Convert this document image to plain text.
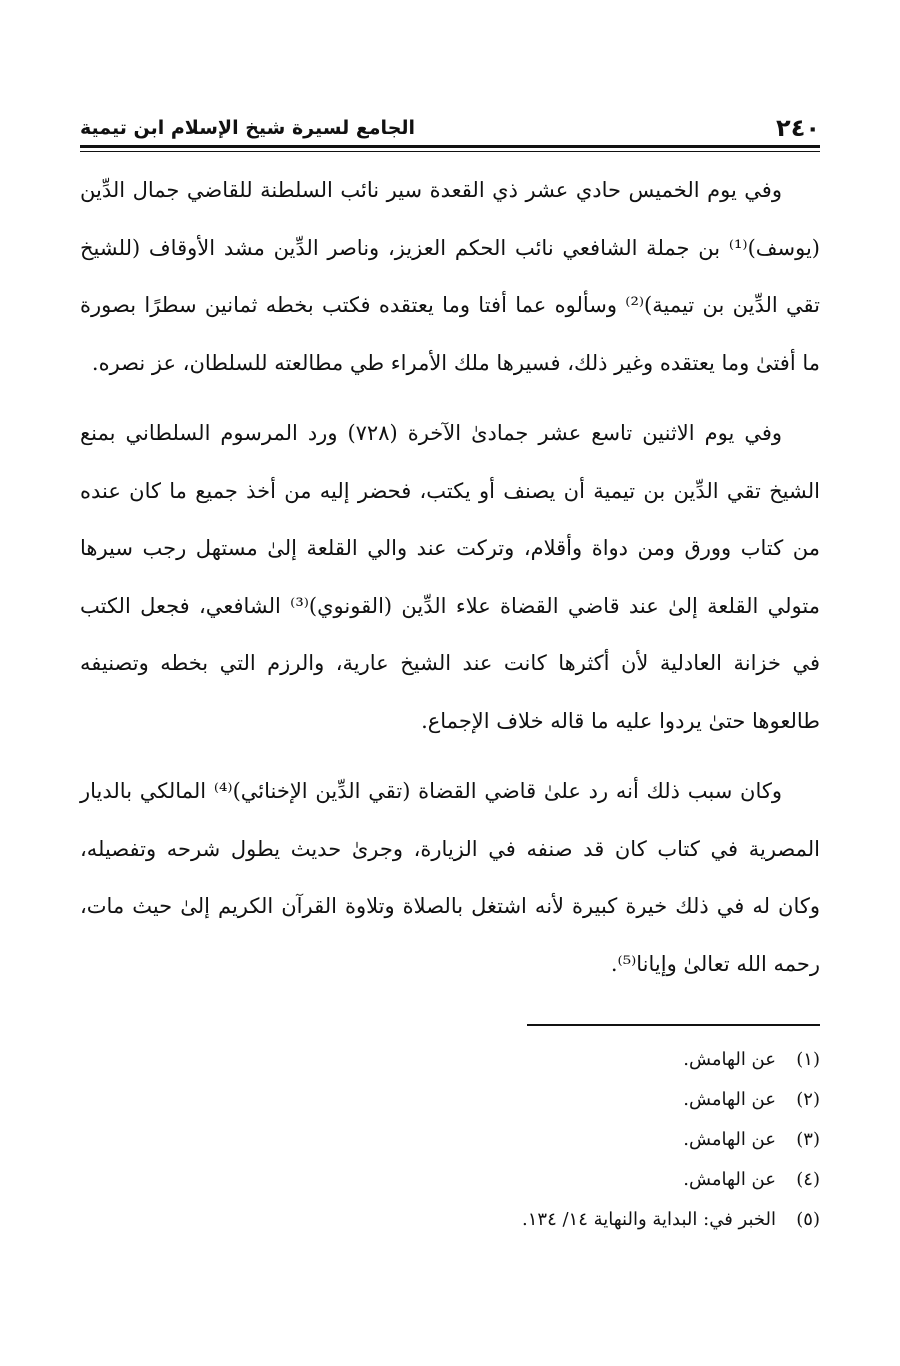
٢٤٠
الجامع لسيرة شيخ الإسلام ابن تيمية

وفي يوم الخميس حادي عشر ذي القعدة سير نائب السلطنة للقاضي جمال الدِّين (يوسف)⁽¹⁾ بن جملة الشافعي نائب الحكم العزيز، وناصر الدِّين مشد الأوقاف (للشيخ تقي الدِّين بن تيمية)⁽²⁾ وسألوه عما أفتا وما يعتقده فكتب بخطه ثمانين سطرًا بصورة ما أفتىٰ وما يعتقده وغير ذلك، فسيرها ملك الأمراء طي مطالعته للسلطان، عز نصره.

وفي يوم الاثنين تاسع عشر جمادىٰ الآخرة (٧٢٨) ورد المرسوم السلطاني بمنع الشيخ تقي الدِّين بن تيمية أن يصنف أو يكتب، فحضر إليه من أخذ جميع ما كان عنده من كتاب وورق ومن دواة وأقلام، وتركت عند والي القلعة إلىٰ مستهل رجب سيرها متولي القلعة إلىٰ عند قاضي القضاة علاء الدِّين (القونوي)⁽³⁾ الشافعي، فجعل الكتب في خزانة العادلية لأن أكثرها كانت عند الشيخ عارية، والرزم التي بخطه وتصنيفه طالعوها حتىٰ يردوا عليه ما قاله خلاف الإجماع.

وكان سبب ذلك أنه رد علىٰ قاضي القضاة (تقي الدِّين الإخنائي)⁽⁴⁾ المالكي بالديار المصرية في كتاب كان قد صنفه في الزيارة، وجرىٰ حديث يطول شرحه وتفصيله، وكان له في ذلك خيرة كبيرة لأنه اشتغل بالصلاة وتلاوة القرآن الكريم إلىٰ حيث مات، رحمه الله تعالىٰ وإيانا⁽⁵⁾.

(١)عن الهامش.
(٢)عن الهامش.
(٣)عن الهامش.
(٤)عن الهامش.
(٥)الخبر في: البداية والنهاية ١٤/ ١٣٤.
